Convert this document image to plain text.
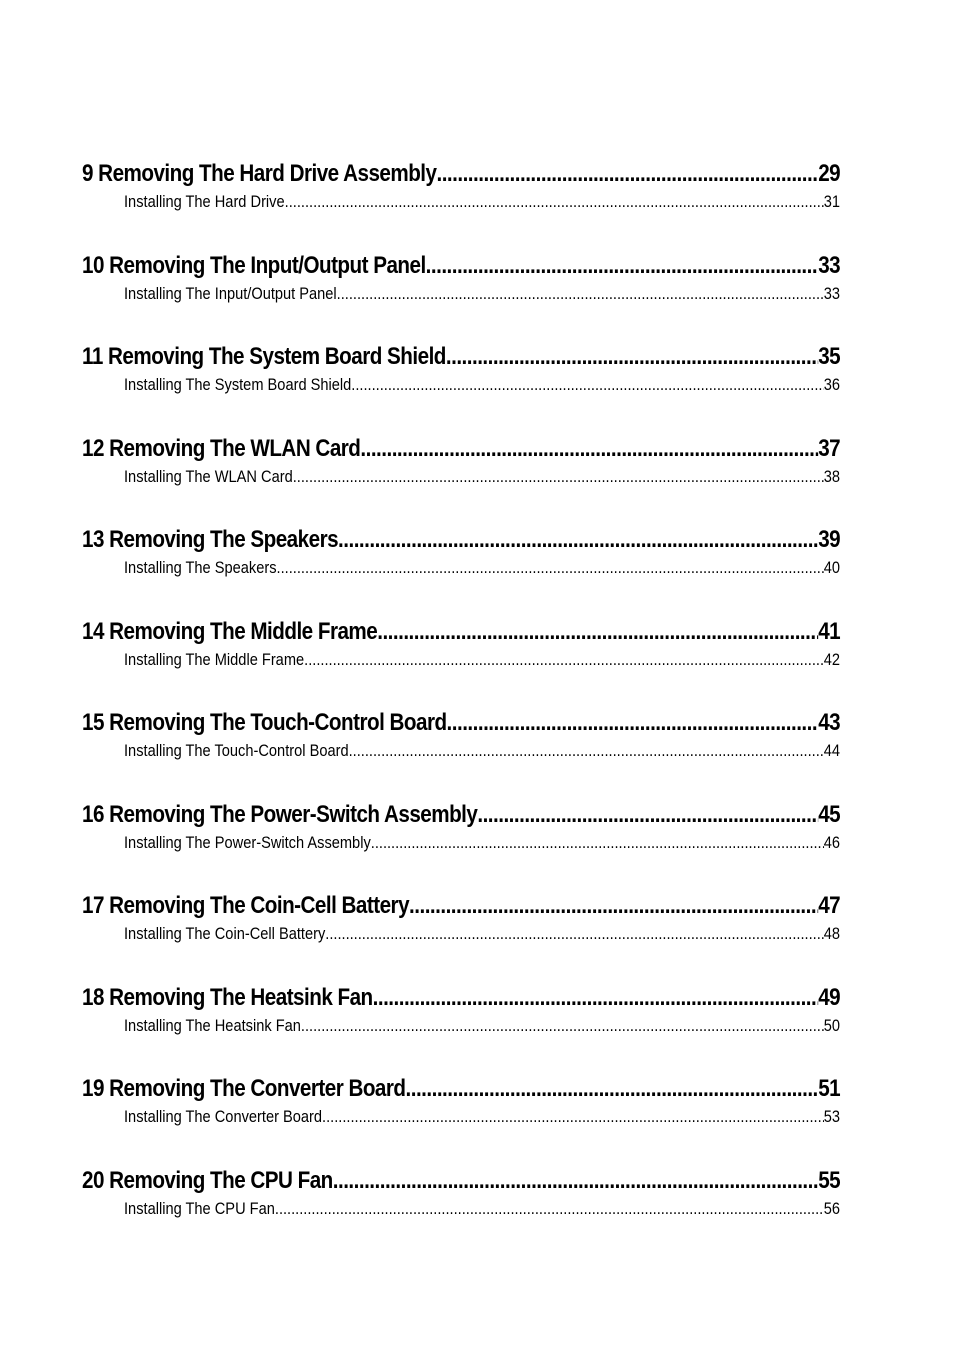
9 Removing The Hard Drive Assembly .....	29
Installing The Hard Drive .....	31
10 Removing The Input/Output Panel .....	33
Installing The Input/Output Panel .....	33
11 Removing The System Board Shield .....	35
Installing The System Board Shield .....	36
12 Removing The WLAN Card .....	37
Installing The WLAN Card .....	38
13 Removing The Speakers .....	39
Installing The Speakers .....	40
14 Removing The Middle Frame .....	41
Installing The Middle Frame .....	42
15 Removing The Touch-Control Board .....	43
Installing The Touch-Control Board .....	44
16 Removing The Power-Switch Assembly .....	45
Installing The Power-Switch Assembly .....	46
17 Removing The Coin-Cell Battery .....	47
Installing The Coin-Cell Battery .....	48
18 Removing The Heatsink Fan .....	49
Installing The Heatsink Fan .....	50
19 Removing The Converter Board .....	51
Installing The Converter Board .....	53
20 Removing The CPU Fan .....	55
Installing The CPU Fan .....	56
